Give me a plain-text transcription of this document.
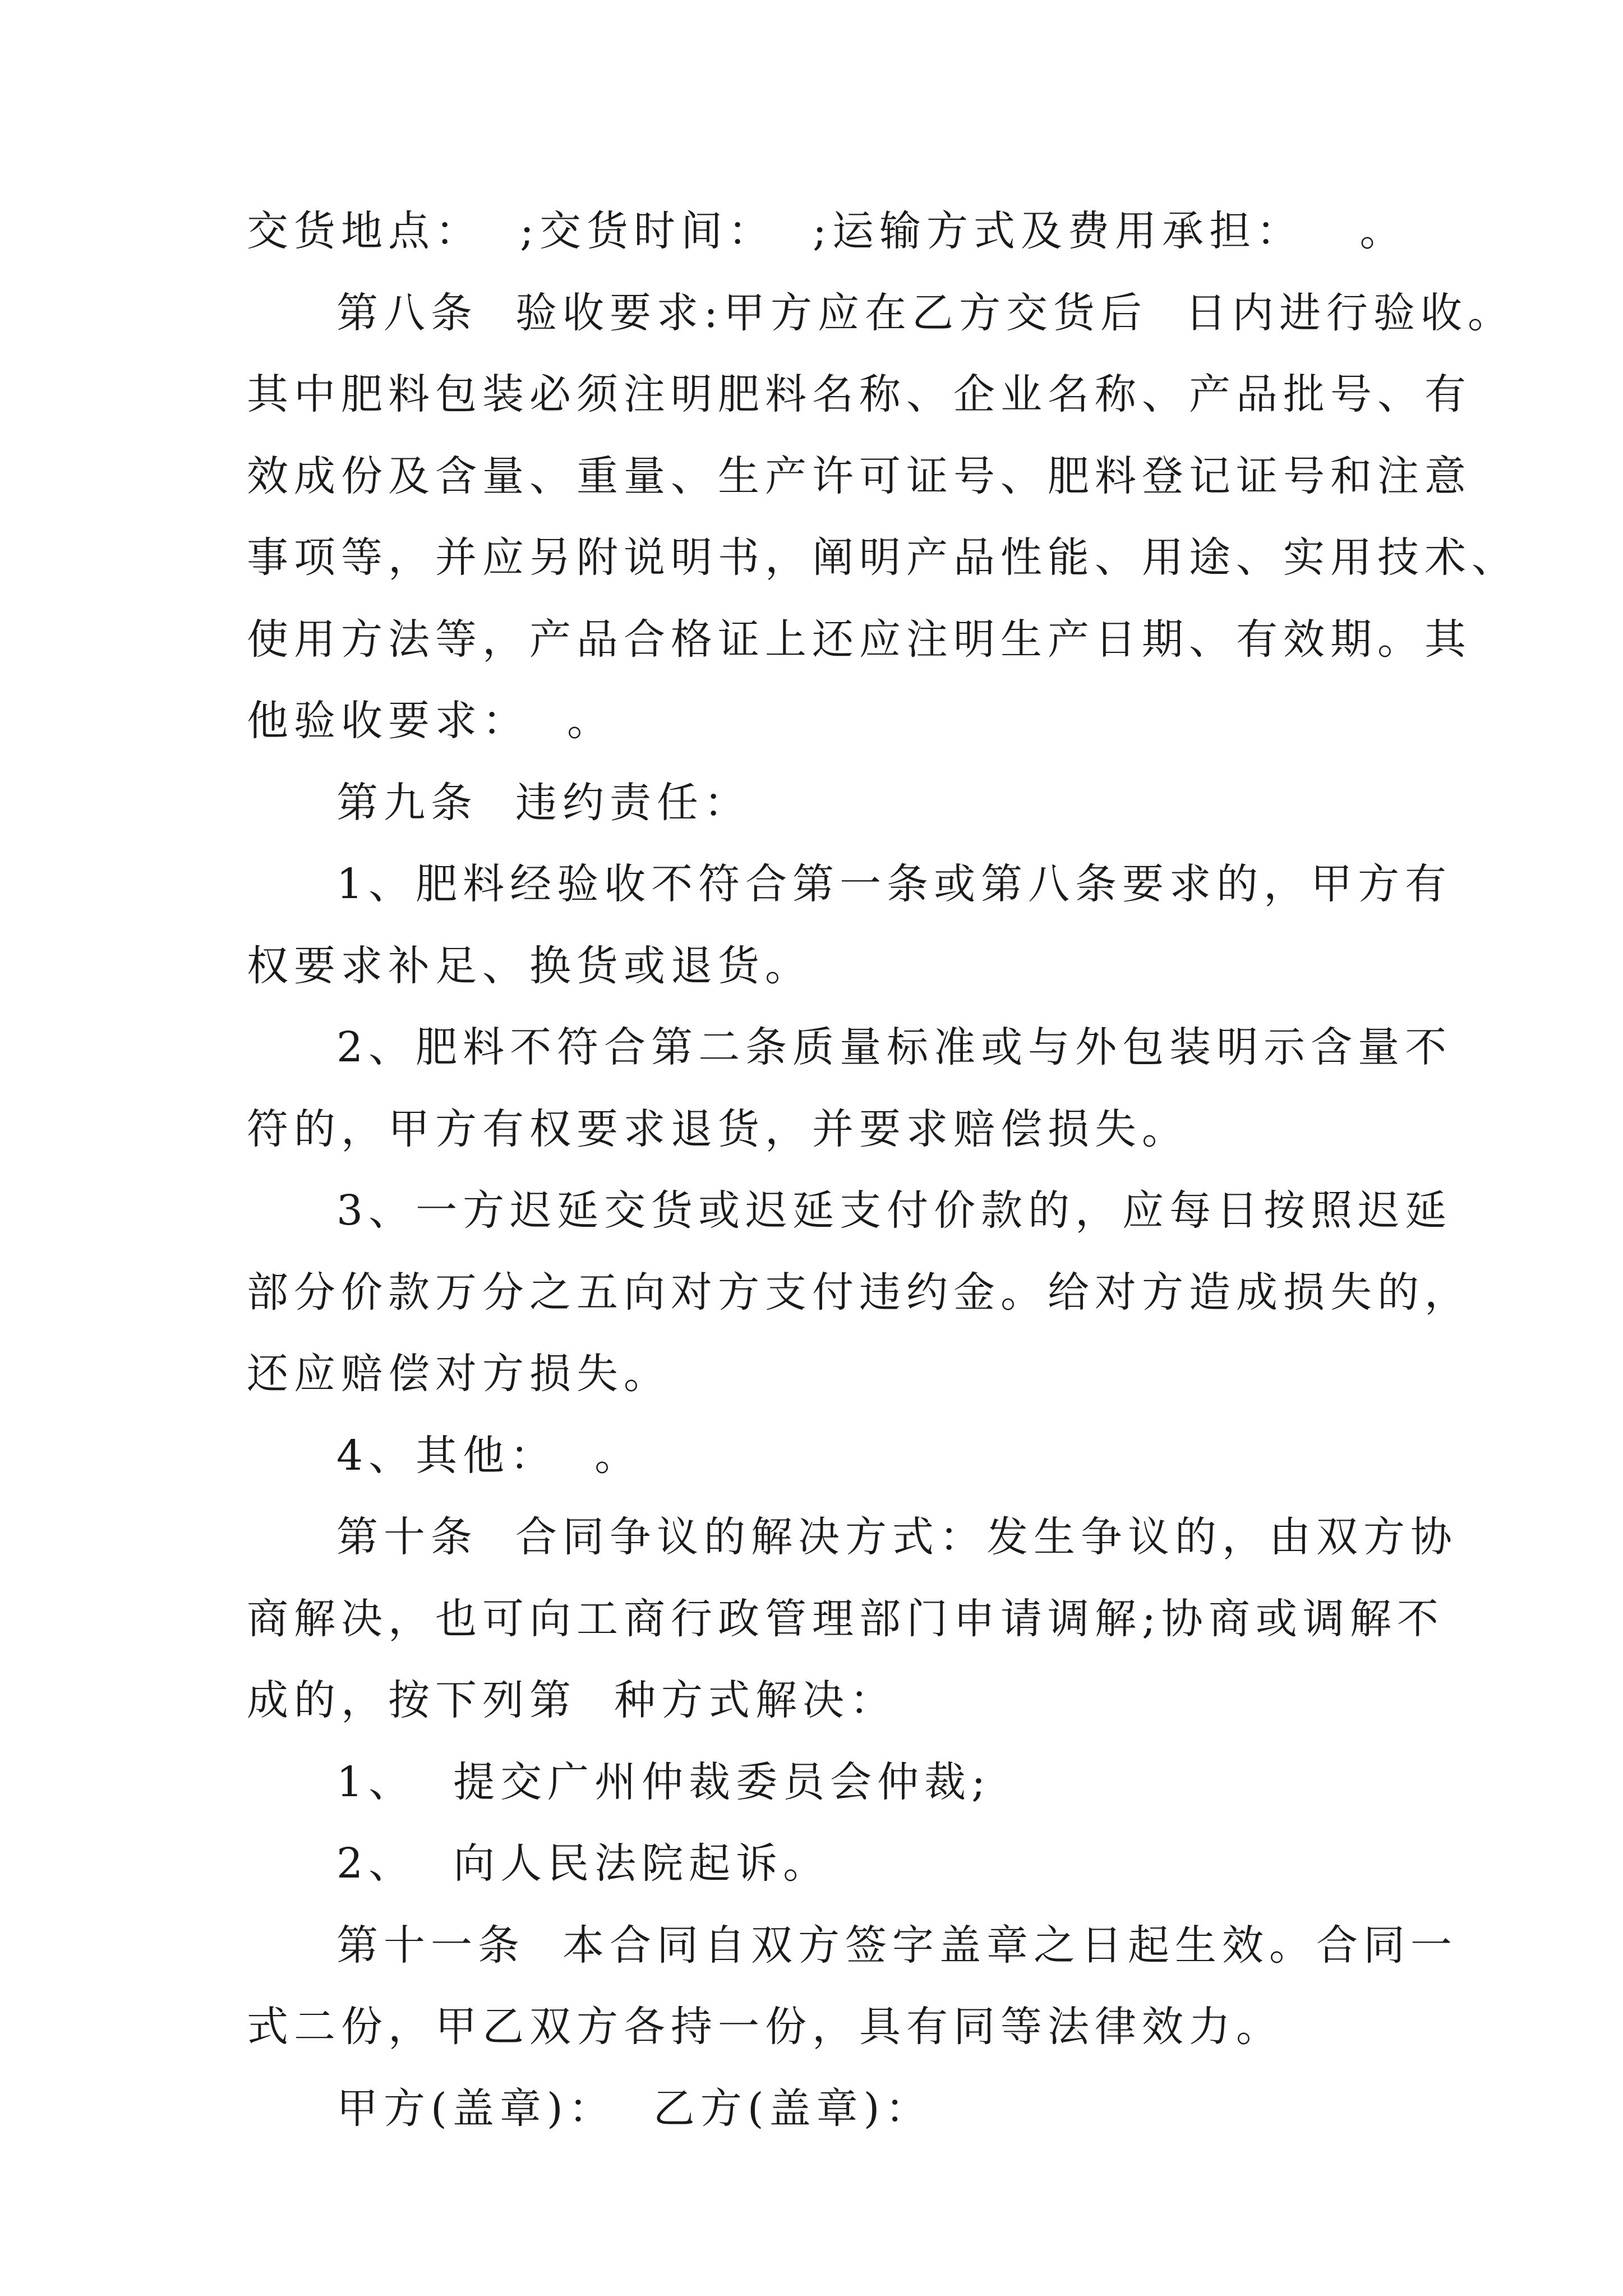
交货地点：  ;交货时间：  ;运输方式及费用承担：   。
第八条  验收要求:甲方应在乙方交货后  日内进行验收。
其中肥料包装必须注明肥料名称、企业名称、产品批号、有
效成份及含量、重量、生产许可证号、肥料登记证号和注意
事项等，并应另附说明书，阐明产品性能、用途、实用技术、
使用方法等，产品合格证上还应注明生产日期、有效期。其
他验收要求：  。
第九条  违约责任：
1、肥料经验收不符合第一条或第八条要求的，甲方有
权要求补足、换货或退货。
2、肥料不符合第二条质量标准或与外包装明示含量不
符的，甲方有权要求退货，并要求赔偿损失。
3、一方迟延交货或迟延支付价款的，应每日按照迟延
部分价款万分之五向对方支付违约金。给对方造成损失的，
还应赔偿对方损失。
4、其他：  。
第十条  合同争议的解决方式：发生争议的，由双方协
商解决，也可向工商行政管理部门申请调解;协商或调解不
成的，按下列第  种方式解决：
1、  提交广州仲裁委员会仲裁;
2、  向人民法院起诉。
第十一条  本合同自双方签字盖章之日起生效。合同一
式二份，甲乙双方各持一份，具有同等法律效力。
甲方(盖章)：  乙方(盖章)：
